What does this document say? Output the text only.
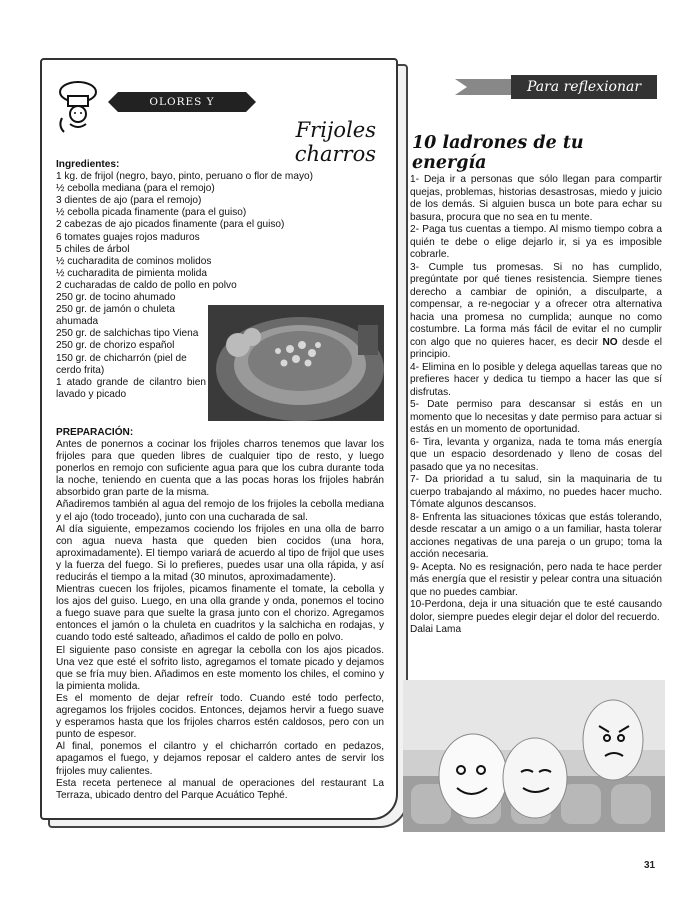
OLORES Y SABORES	Frijoles charros
Ingredientes:
1 kg. de frijol (negro, bayo, pinto, peruano o flor de mayo)
½ cebolla mediana (para el remojo)
3 dientes de ajo (para el remojo)
½ cebolla picada finamente (para el guiso)
2 cabezas de ajo picados finamente (para el guiso)
6 tomates guajes rojos maduros
5 chiles de árbol
½ cucharadita de cominos molidos
½ cucharadita de pimienta molida
2 cucharadas de caldo de pollo en polvo
250 gr. de tocino ahumado
250 gr. de jamón o chuleta ahumada
250 gr. de salchichas tipo Viena
250 gr. de chorizo español
150 gr. de chicharrón (piel de cerdo frita)
1 atado grande de cilantro bien lavado y picado
PREPARACIÓN:

Antes de ponernos a cocinar los frijoles charros tenemos que lavar los frijoles para que queden libres de cualquier tipo de resto, y luego ponerlos en remojo con suficiente agua para que los cubra durante toda la noche, teniendo en cuenta que a las pocas horas los frijoles habrán absorbido gran parte de la misma.

Añadiremos también al agua del remojo de los frijoles la cebolla mediana y el ajo (todo troceado), junto con una cucharada de sal.

Al día siguiente, empezamos cociendo los frijoles en una olla de barro con agua nueva hasta que queden bien cocidos (una hora, aproximadamente). El tiempo variará de acuerdo al tipo de frijol que uses y la fuerza del fuego. Si lo prefieres, puedes usar una olla rápida, y así reducirás el tiempo a la mitad (30 minutos, aproximadamente).

Mientras cuecen los frijoles, picamos finamente el tomate, la cebolla y los ajos del guiso. Luego, en una olla grande y onda, ponemos el tocino a fuego suave para que suelte la grasa junto con el chorizo. Agregamos entonces el jamón o la chuleta en cuadritos y la salchicha en rodajas, y cuando todo esté salteado, añadimos el caldo de pollo en polvo.

El siguiente paso consiste en agregar la cebolla con los ajos picados. Una vez que esté el sofrito listo, agregamos el tomate picado y dejamos que se fría muy bien. Añadimos en este momento los chiles, el comino y la pimienta molida.

Es el momento de dejar refreír todo. Cuando esté todo perfecto, agregamos los frijoles cocidos. Entonces, dejamos hervir a fuego suave y esperamos hasta que los frijoles charros estén caldosos, pero con un punto de espesor.

Al final, ponemos el cilantro y el chicharrón cortado en pedazos, apagamos el fuego, y dejamos reposar el caldero antes de servir los frijoles muy calientes.

Esta receta pertenece al manual de operaciones del restaurant La Terraza, ubicado dentro del Parque Acuático Tephé.

Para reflexionar
10 ladrones de tu energía

1- Deja ir a personas que sólo llegan para compartir quejas, problemas, historias desastrosas, miedo y juicio de los demás. Si alguien busca un bote para echar su basura, procura que no sea en tu mente.

2- Paga tus cuentas a tiempo. Al mismo tiempo cobra a quién te debe o elige dejarlo ir, si ya es imposible cobrarle.

3- Cumple tus promesas. Si no has cumplido, pregúntate por qué tienes resistencia. Siempre tienes derecho a cambiar de opinión, a disculparte, a compensar, a re-negociar y a ofrecer otra alternativa hacia una promesa no cumplida; aunque no como costumbre. La forma más fácil de evitar el no cumplir con algo que no quieres hacer, es decir NO desde el principio.

4- Elimina en lo posible y delega aquellas tareas que no prefieres hacer y dedica tu tiempo a hacer las que sí disfrutas.

5- Date permiso para descansar si estás en un momento que lo necesitas y date permiso para actuar si estás en un momento de oportunidad.

6- Tira, levanta y organiza, nada te toma más energía que un espacio desordenado y lleno de cosas del pasado que ya no necesitas.

7- Da prioridad a tu salud, sin la maquinaria de tu cuerpo trabajando al máximo, no puedes hacer mucho. Tómate algunos descansos.

8- Enfrenta las situaciones tóxicas que estás tolerando, desde rescatar a un amigo o a un familiar, hasta tolerar acciones negativas de una pareja o un grupo; toma la acción necesaria.

9- Acepta. No es resignación, pero nada te hace perder más energía que el resistir y pelear contra una situación que no puedes cambiar.

10-Perdona, deja ir una situación que te esté causando dolor, siempre puedes elegir dejar el dolor del recuerdo.

Dalai Lama

31
